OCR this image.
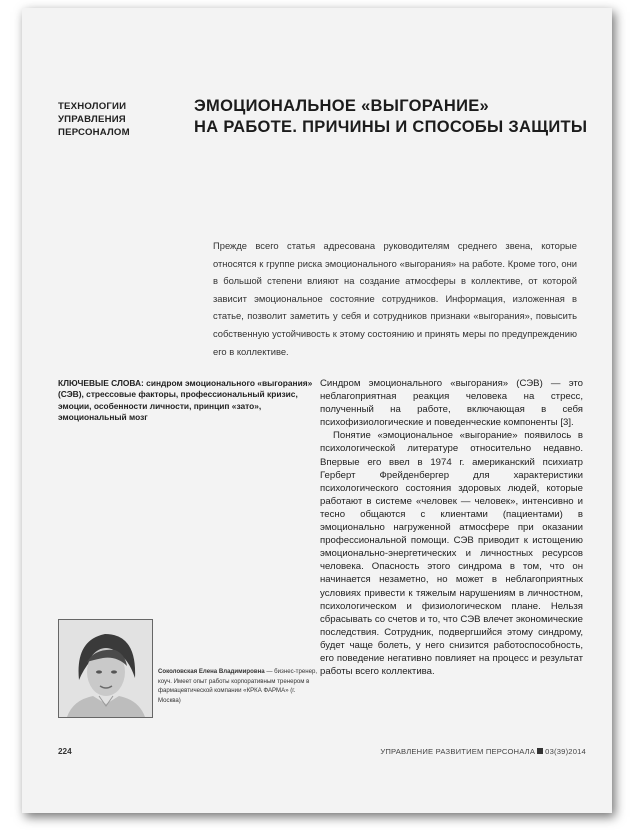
ТЕХНОЛОГИИ
УПРАВЛЕНИЯ
ПЕРСОНАЛОМ
ЭМОЦИОНАЛЬНОЕ «ВЫГОРАНИЕ»
НА РАБОТЕ. ПРИЧИНЫ И СПОСОБЫ ЗАЩИТЫ
Прежде всего статья адресована руководителям среднего звена, которые относятся к группе риска эмоционального «выгорания» на работе. Кроме того, они в большой степени влияют на создание атмосферы в коллективе, от которой зависит эмоциональное состояние сотрудников. Информация, изложенная в статье, позволит заметить у себя и сотрудников признаки «выгорания», повысить собственную устойчивость к этому состоянию и принять меры по предупреждению его в коллективе.
КЛЮЧЕВЫЕ СЛОВА: синдром эмоционального «выгорания» (СЭВ), стрессовые факторы, профессиональный кризис, эмоции, особенности личности, принцип «зато», эмоциональный мозг

Синдром эмоционального «выгорания» (СЭВ) — это неблагоприятная реакция человека на стресс, полученный на работе, включающая в себя психофизиологические и поведенческие компоненты [3].

Понятие «эмоциональное «выгорание» появилось в психологической литературе относительно недавно. Впервые его ввел в 1974 г. американский психиатр Герберт Фрейденбергер для характеристики психологического состояния здоровых людей, которые работают в системе «человек — человек», интенсивно и тесно общаются с клиентами (пациентами) в эмоционально нагруженной атмосфере при оказании профессиональной помощи. СЭВ приводит к истощению эмоционально-энергетических и личностных ресурсов человека. Опасность этого синдрома в том, что он начинается незаметно, но может в неблагоприятных условиях привести к тяжелым нарушениям в личностном, психологическом и физиологическом плане. Нельзя сбрасывать со счетов и то, что СЭВ влечет экономические последствия. Сотрудник, подвергшийся этому синдрому, будет чаще болеть, у него снизится работоспособность, его поведение негативно повлияет на процесс и результат работы всего коллектива.

Соколовская Елена Владимировна — бизнес-тренер, коуч. Имеет опыт работы корпоративным тренером в фармацевтической компании «КРКА ФАРМА» (г. Москва)
224	УПРАВЛЕНИЕ РАЗВИТИЕМ ПЕРСОНАЛА 03(39)2014
